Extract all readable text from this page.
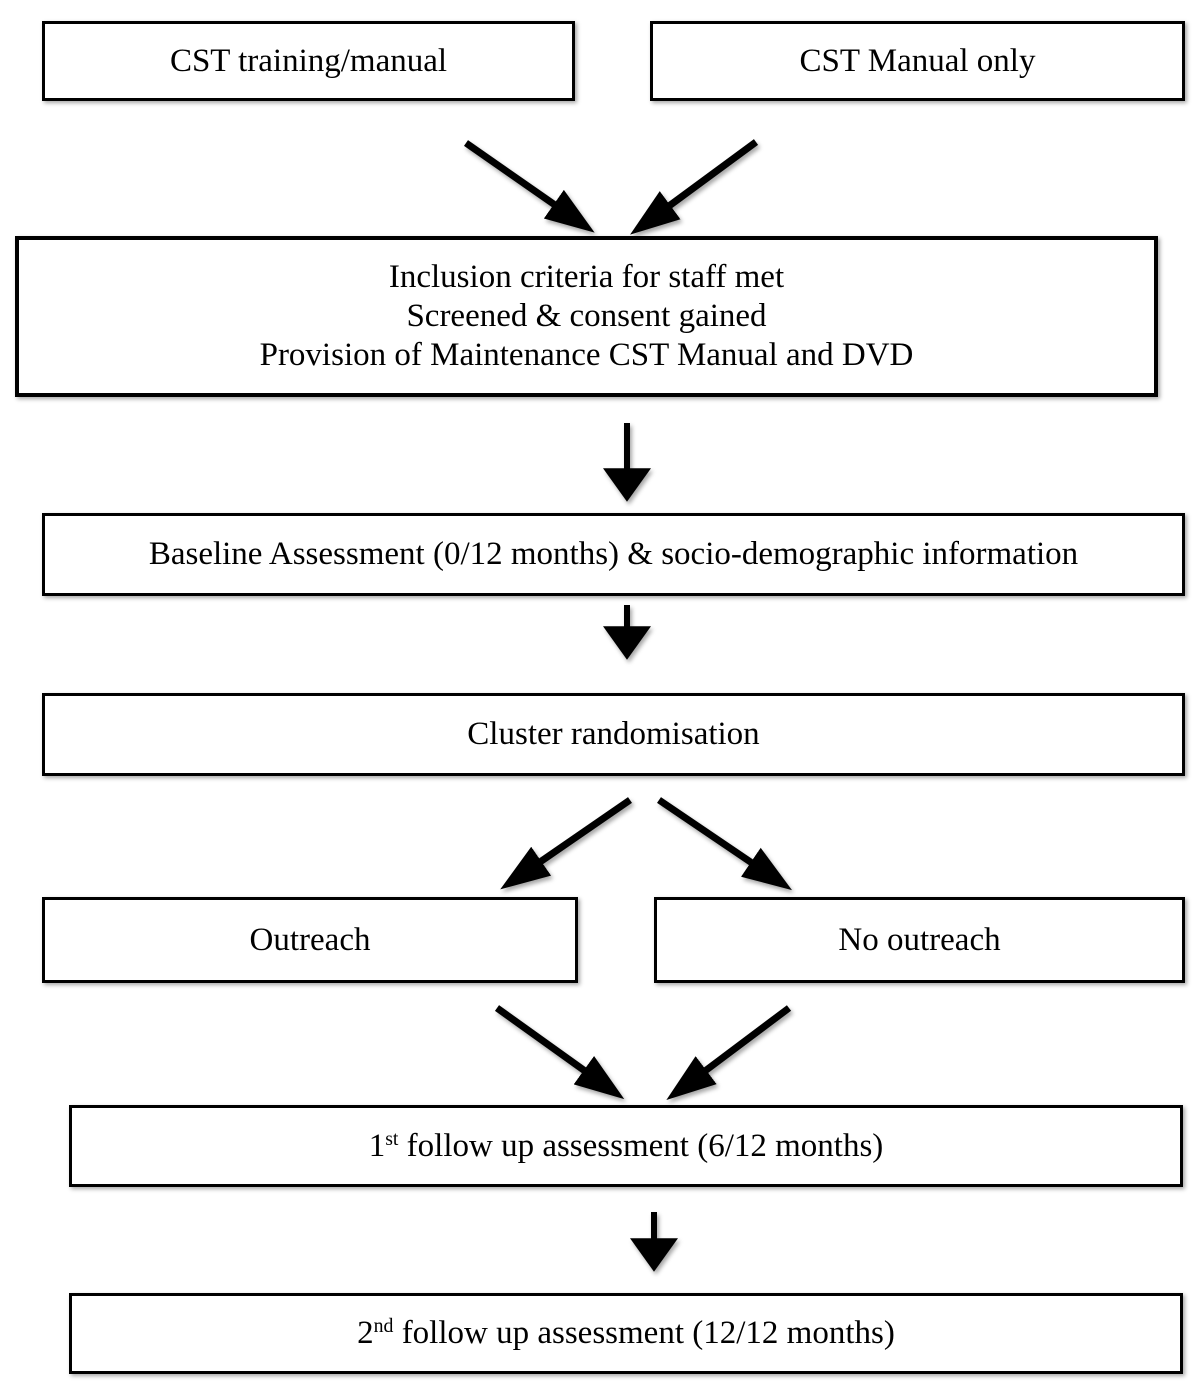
CST training/manual	CST Manual only
Inclusion criteria for staff met
Screened & consent gained
Provision of Maintenance CST Manual and DVD
Baseline Assessment (0/12 months) & socio-demographic information
Cluster randomisation
Outreach	No outreach
1st follow up assessment (6/12 months)
2nd follow up assessment (12/12 months)
